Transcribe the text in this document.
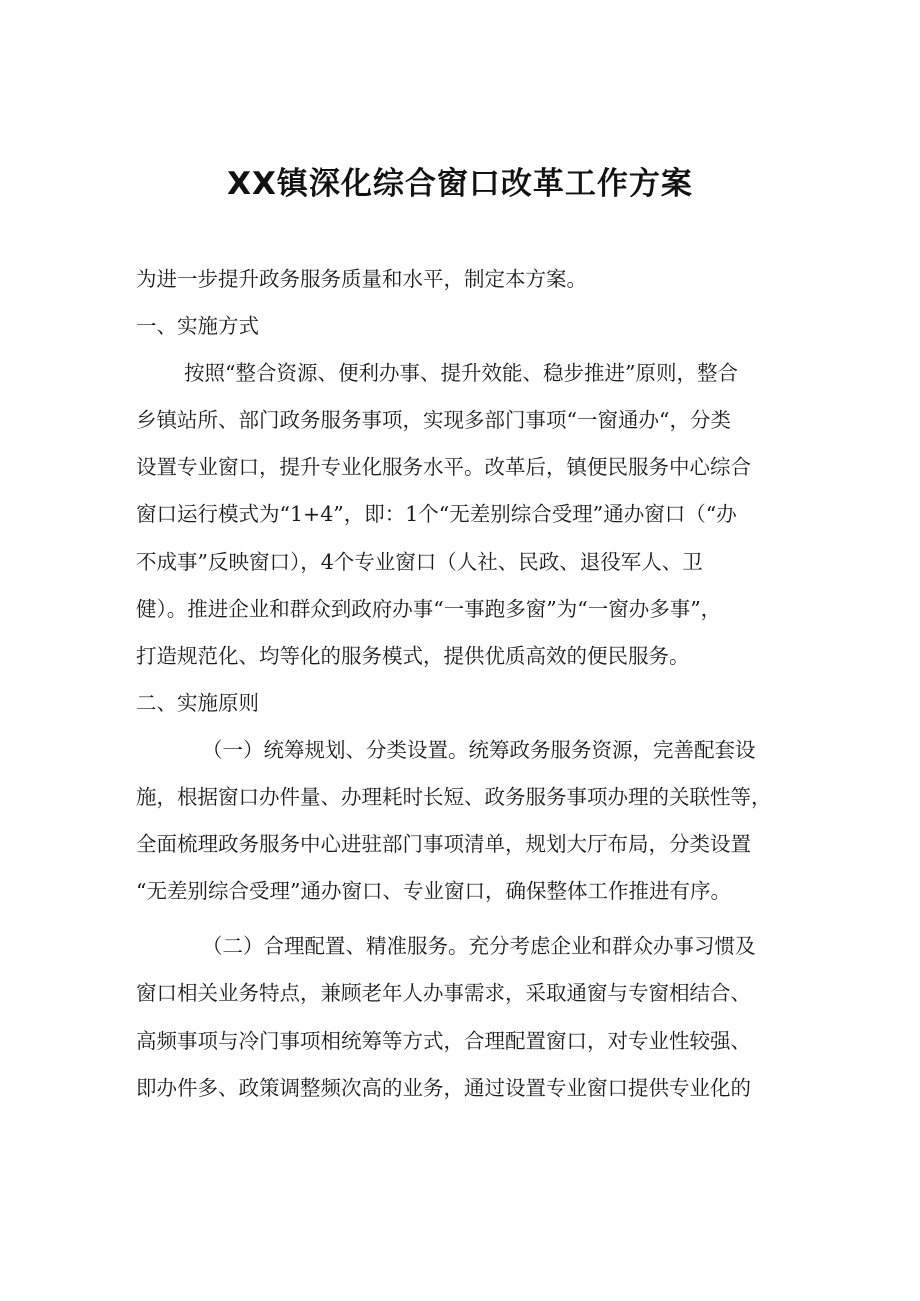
XX镇深化综合窗口改革工作方案

为进一步提升政务服务质量和水平，制定本方案。

一、实施方式

按照“整合资源、便利办事、提升效能、稳步推进”原则，整合
乡镇站所、部门政务服务事项，实现多部门事项“一窗通办“，分类
设置专业窗口，提升专业化服务水平。改革后，镇便民服务中心综合
窗口运行模式为“1+4”，即：1个“无差别综合受理”通办窗口（“办
不成事”反映窗口），4个专业窗口（人社、民政、退役军人、卫
健）。推进企业和群众到政府办事“一事跑多窗”为“一窗办多事”，
打造规范化、均等化的服务模式，提供优质高效的便民服务。

二、实施原则

（一）统筹规划、分类设置。统筹政务服务资源，完善配套设
施，根据窗口办件量、办理耗时长短、政务服务事项办理的关联性等，
全面梳理政务服务中心进驻部门事项清单，规划大厅布局，分类设置
“无差别综合受理”通办窗口、专业窗口，确保整体工作推进有序。
（二）合理配置、精准服务。充分考虑企业和群众办事习惯及
窗口相关业务特点，兼顾老年人办事需求，采取通窗与专窗相结合、
高频事项与冷门事项相统筹等方式，合理配置窗口，对专业性较强、
即办件多、政策调整频次高的业务，通过设置专业窗口提供专业化的
